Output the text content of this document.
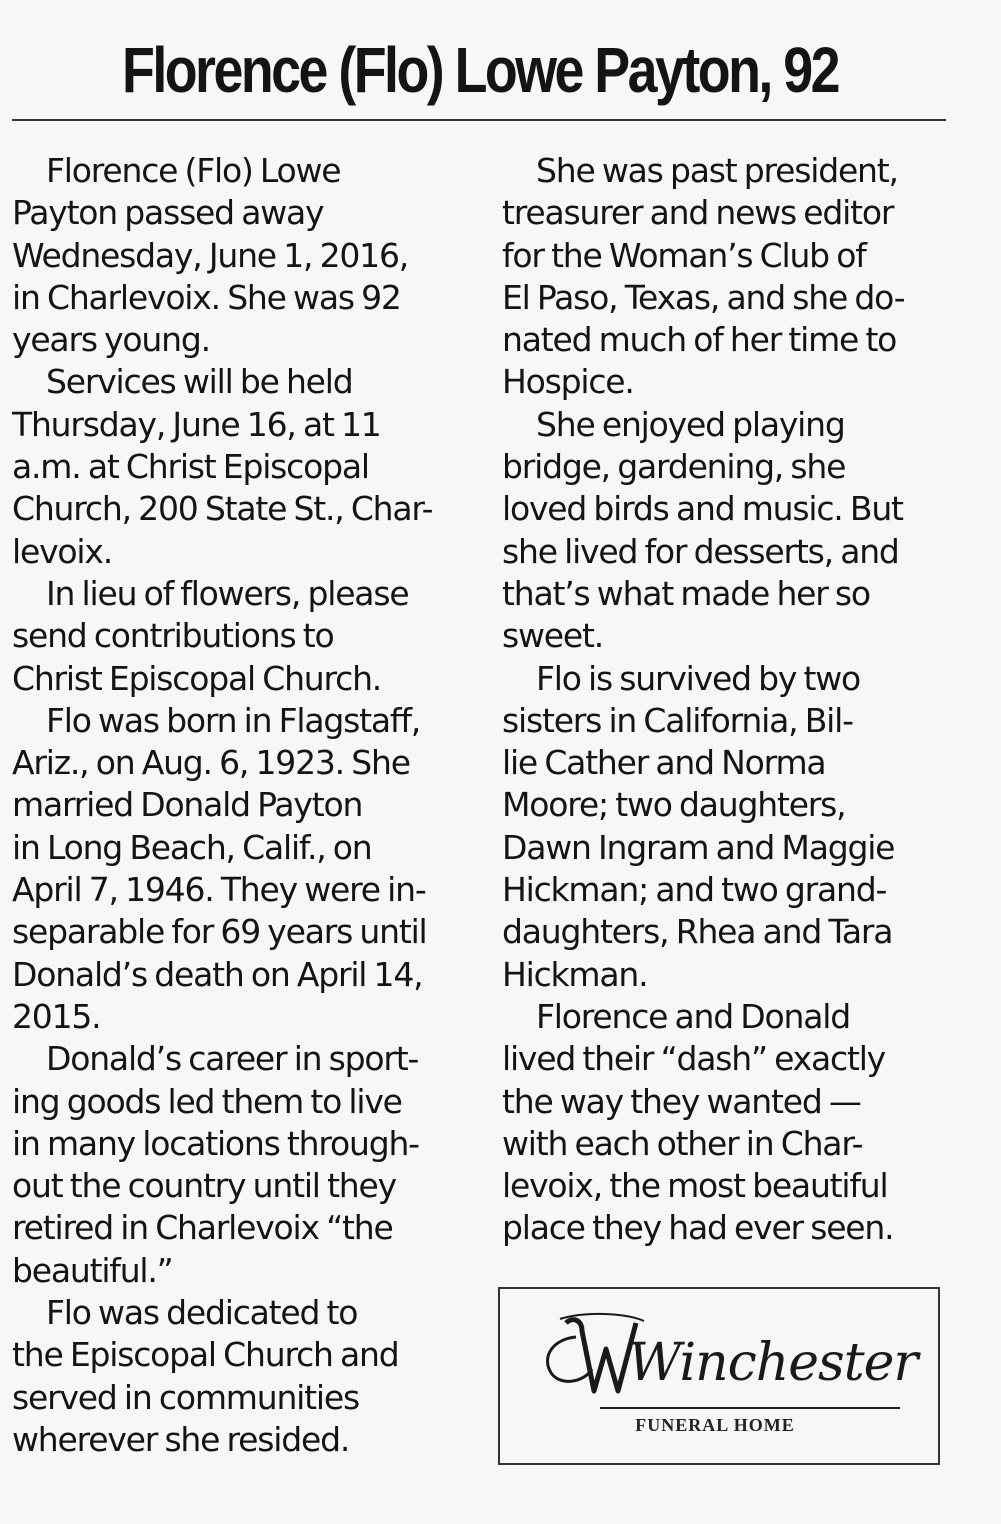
Florence (Flo) Lowe Payton, 92

Florence (Flo) Lowe
Payton passed away
Wednesday, June 1, 2016,
in Charlevoix. She was 92
years young.

Services will be held
Thursday, June 16, at 11
a.m. at Christ Episcopal
Church, 200 State St., Char-
levoix.

In lieu of flowers, please
send contributions to
Christ Episcopal Church.

Flo was born in Flagstaff,
Ariz., on Aug. 6, 1923. She
married Donald Payton
in Long Beach, Calif., on
April 7, 1946. They were in-
separable for 69 years until
Donald’s death on April 14,
2015.

Donald’s career in sport-
ing goods led them to live
in many locations through-
out the country until they
retired in Charlevoix “the
beautiful.”

Flo was dedicated to
the Episcopal Church and
served in communities
wherever she resided.

She was past president,
treasurer and news editor
for the Woman’s Club of
El Paso, Texas, and she do-
nated much of her time to
Hospice.

She enjoyed playing
bridge, gardening, she
loved birds and music. But
she lived for desserts, and
that’s what made her so
sweet.

Flo is survived by two
sisters in California, Bil-
lie Cather and Norma
Moore; two daughters,
Dawn Ingram and Maggie
Hickman; and two grand-
daughters, Rhea and Tara
Hickman.

Florence and Donald
lived their “dash” exactly
the way they wanted —
with each other in Char-
levoix, the most beautiful
place they had ever seen.

Winchester
FUNERAL HOME
